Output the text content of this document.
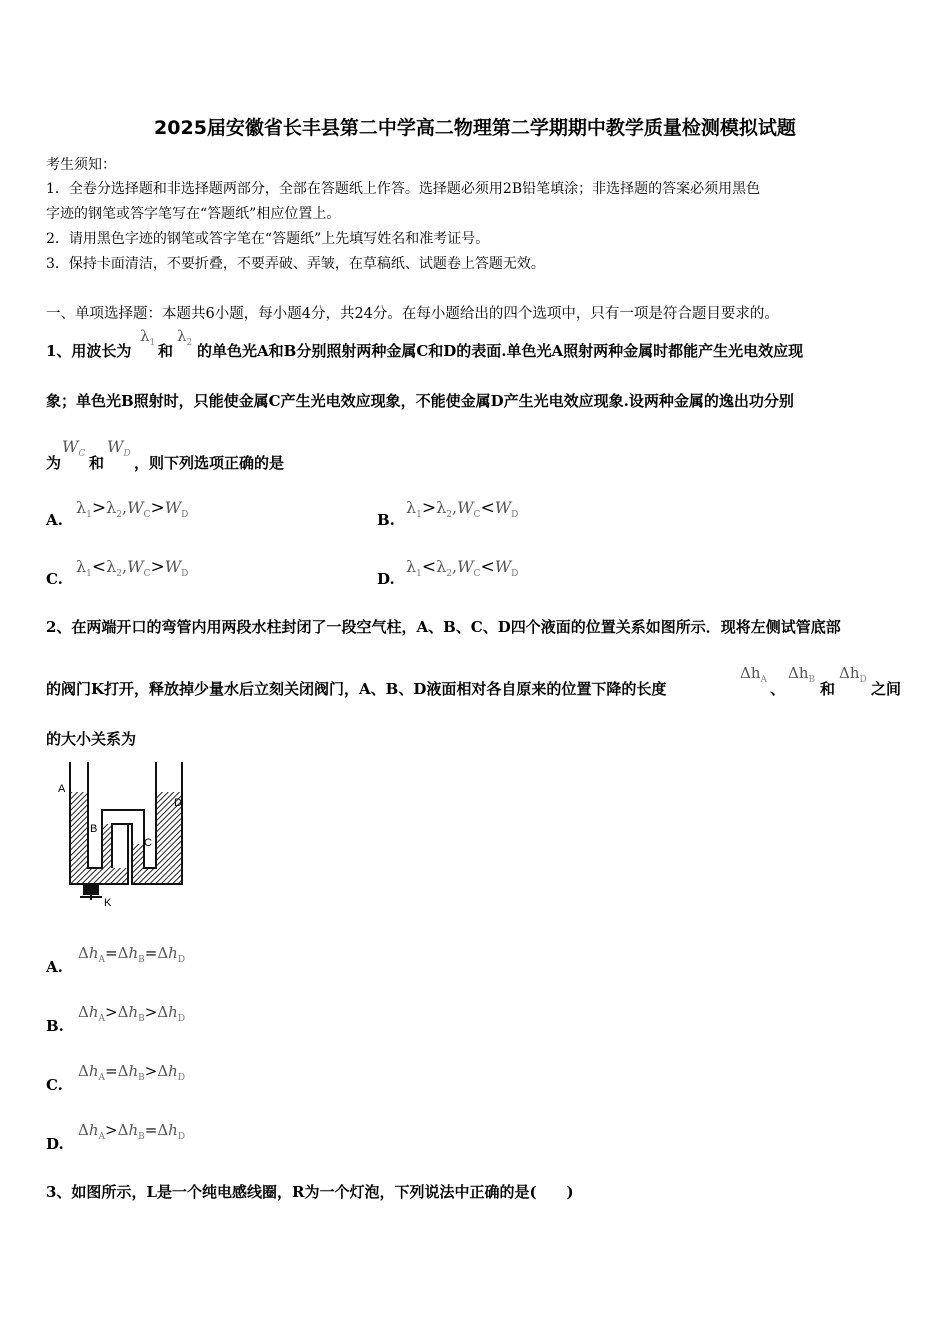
2025届安徽省长丰县第二中学高二物理第二学期期中教学质量检测模拟试题
考生须知：
1．全卷分选择题和非选择题两部分，全部在答题纸上作答。选择题必须用2B铅笔填涂；非选择题的答案必须用黑色
字迹的钢笔或答字笔写在“答题纸”相应位置上。
2．请用黑色字迹的钢笔或答字笔在“答题纸”上先填写姓名和准考证号。
3．保持卡面清洁，不要折叠，不要弄破、弄皱，在草稿纸、试题卷上答题无效。
一、单项选择题：本题共6小题，每小题4分，共24分。在每小题给出的四个选项中，只有一项是符合题目要求的。
1、用波长为
$\lambda_1$ 和
$\lambda_2$ 的单色光A和B分别照射两种金属C和D的表面.单色光A照射两种金属时都能产生光电效应现
象；单色光B照射时，只能使金属C产生光电效应现象，不能使金属D产生光电效应现象.设两种金属的逸出功分别
为
$W_C$ 和
$W_D$ ，则下列选项正确的是
A.
$\lambda_1>\lambda_2,W_C>W_D$	B.
$\lambda_1>\lambda_2,W_C<W_D$
C.
$\lambda_1<\lambda_2,W_C>W_D$	D.
$\lambda_1<\lambda_2,W_C<W_D$
2、在两端开口的弯管内用两段水柱封闭了一段空气柱，A、B、C、D四个液面的位置关系如图所示．现将左侧试管底部
的阀门K打开，释放掉少量水后立刻关闭阀门，A、B、D液面相对各自原来的位置下降的长度
$\Delta h_A$ 、
$\Delta h_B$ 和
$\Delta h_D$ 之间
的大小关系为
A
B
C
D
K
A.
$\Delta h_A=\Delta h_B=\Delta h_D$
B.
$\Delta h_A>\Delta h_B>\Delta h_D$
C.
$\Delta h_A=\Delta h_B>\Delta h_D$
D.
$\Delta h_A>\Delta h_B=\Delta h_D$
3、如图所示，L是一个纯电感线圈，R为一个灯泡，下列说法中正确的是(　　)
